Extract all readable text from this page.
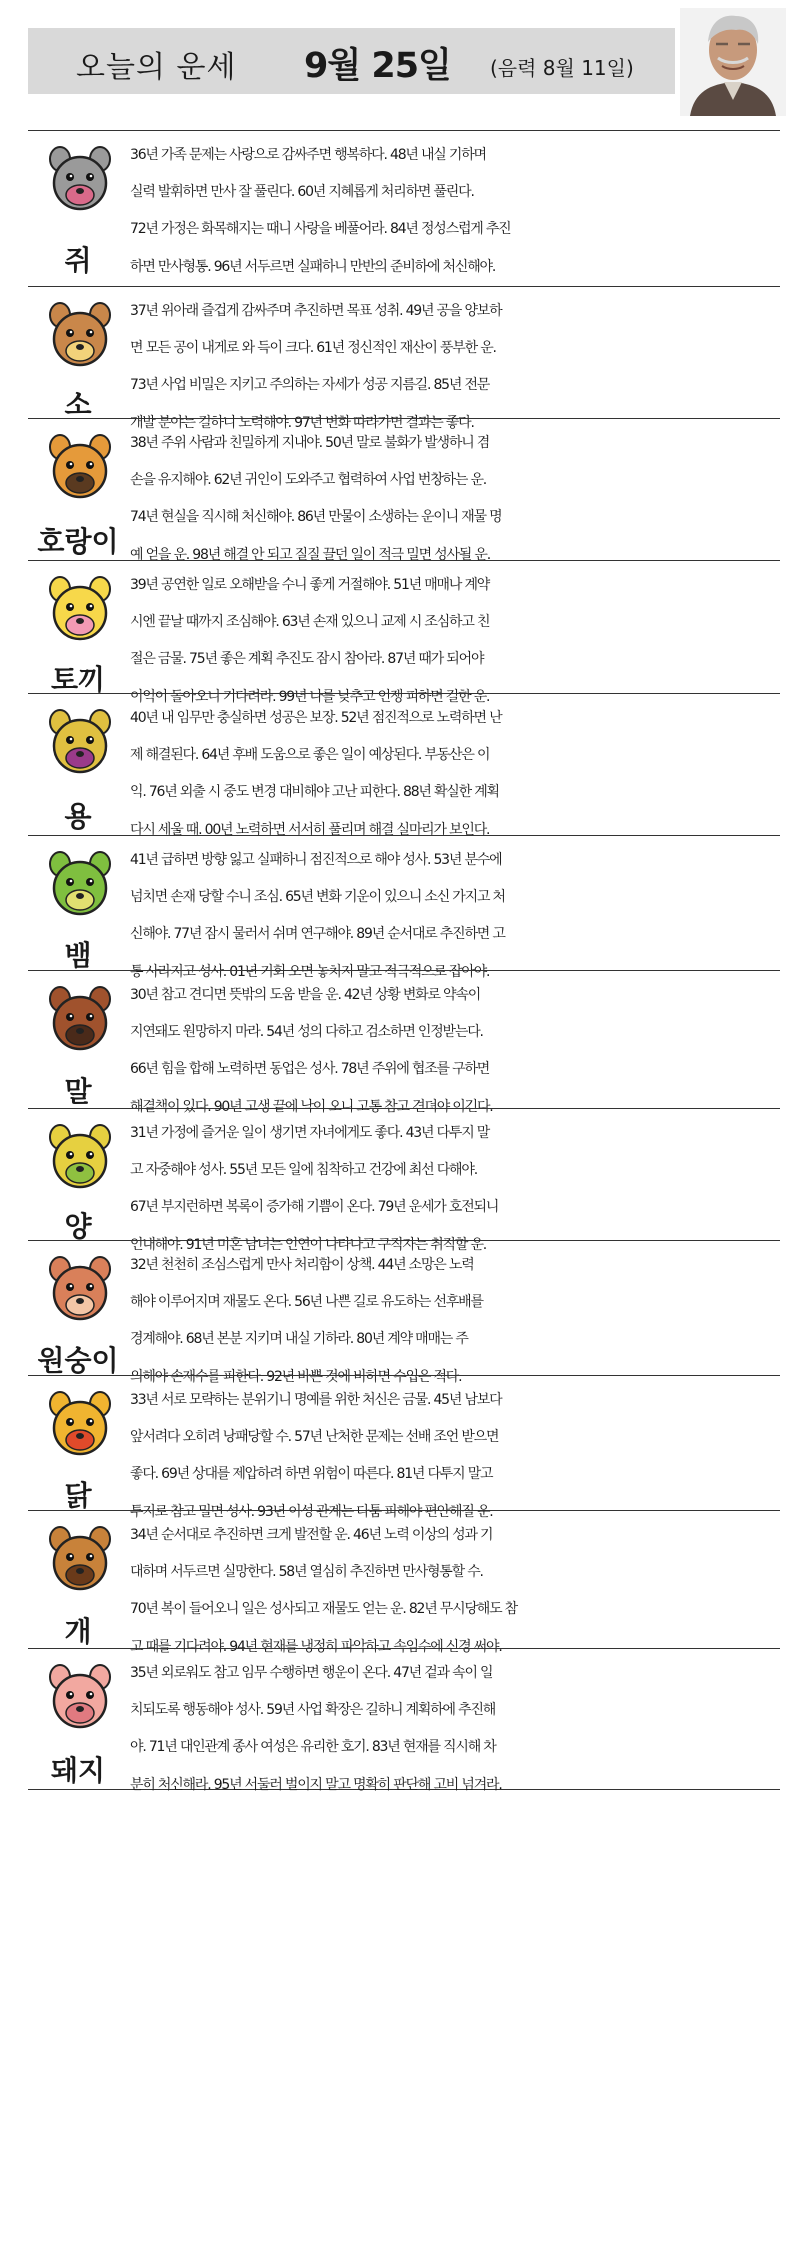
오늘의 운세 9월 25일 (음력 8월 11일)
쥐
36년 가족 문제는 사랑으로 감싸주면 행복하다. 48년 내실 기하며
실력 발휘하면 만사 잘 풀린다. 60년 지혜롭게 처리하면 풀린다.
72년 가정은 화목해지는 때니 사랑을 베풀어라. 84년 정성스럽게 추진
하면 만사형통. 96년 서두르면 실패하니 만반의 준비하에 처신해야.
소
37년 위아래 즐겁게 감싸주며 추진하면 목표 성취. 49년 공을 양보하
면 모든 공이 내게로 와 득이 크다. 61년 정신적인 재산이 풍부한 운.
73년 사업 비밀은 지키고 주의하는 자세가 성공 지름길. 85년 전문
개발 분야는 길하니 노력해야. 97년 변화 따라가면 결과는 좋다.
호랑이
38년 주위 사람과 친밀하게 지내야. 50년 말로 불화가 발생하니 겸
손을 유지해야. 62년 귀인이 도와주고 협력하여 사업 번창하는 운.
74년 현실을 직시해 처신해야. 86년 만물이 소생하는 운이니 재물 명
예 얻을 운. 98년 해결 안 되고 질질 끌던 일이 적극 밀면 성사될 운.
토끼
39년 공연한 일로 오해받을 수니 좋게 거절해야. 51년 매매나 계약
시엔 끝날 때까지 조심해야. 63년 손재 있으니 교제 시 조심하고 친
절은 금물. 75년 좋은 계획 추진도 잠시 참아라. 87년 때가 되어야
이익이 돌아오니 기다려라. 99년 나를 낮추고 언쟁 피하면 길한 운.
용
40년 내 임무만 충실하면 성공은 보장. 52년 점진적으로 노력하면 난
제 해결된다. 64년 후배 도움으로 좋은 일이 예상된다. 부동산은 이
익. 76년 외출 시 중도 변경 대비해야 고난 피한다. 88년 확실한 계획
다시 세울 때. 00년 노력하면 서서히 풀리며 해결 실마리가 보인다.
뱀
41년 급하면 방향 잃고 실패하니 점진적으로 해야 성사. 53년 분수에
넘치면 손재 당할 수니 조심. 65년 변화 기운이 있으니 소신 가지고 처
신해야. 77년 잠시 물러서 쉬며 연구해야. 89년 순서대로 추진하면 고
통 사라지고 성사. 01년 기회 오면 놓치지 말고 적극적으로 잡아야.
말
30년 참고 견디면 뜻밖의 도움 받을 운. 42년 상황 변화로 약속이
지연돼도 원망하지 마라. 54년 성의 다하고 검소하면 인정받는다.
66년 힘을 합해 노력하면 동업은 성사. 78년 주위에 협조를 구하면
해결책이 있다. 90년 고생 끝에 낙이 오니 고통 참고 견뎌야 이긴다.
양
31년 가정에 즐거운 일이 생기면 자녀에게도 좋다. 43년 다투지 말
고 자중해야 성사. 55년 모든 일에 침착하고 건강에 최선 다해야.
67년 부지런하면 복록이 증가해 기쁨이 온다. 79년 운세가 호전되니
인내해야. 91년 미혼 남녀는 인연이 나타나고 구직자는 취직할 운.
원숭이
32년 천천히 조심스럽게 만사 처리함이 상책. 44년 소망은 노력
해야 이루어지며 재물도 온다. 56년 나쁜 길로 유도하는 선후배를
경계해야. 68년 본분 지키며 내실 기하라. 80년 계약 매매는 주
의해야 손재수를 피한다. 92년 바쁜 것에 비하면 수입은 적다.
닭
33년 서로 모략하는 분위기니 명예를 위한 처신은 금물. 45년 남보다
앞서려다 오히려 낭패당할 수. 57년 난처한 문제는 선배 조언 받으면
좋다. 69년 상대를 제압하려 하면 위험이 따른다. 81년 다투지 말고
투지로 참고 밀면 성사. 93년 이성 관계는 다툼 피해야 편안해질 운.
개
34년 순서대로 추진하면 크게 발전할 운. 46년 노력 이상의 성과 기
대하며 서두르면 실망한다. 58년 열심히 추진하면 만사형통할 수.
70년 복이 들어오니 일은 성사되고 재물도 얻는 운. 82년 무시당해도 참
고 때를 기다려야. 94년 현재를 냉정히 파악하고 속임수에 신경 써야.
돼지
35년 외로워도 참고 임무 수행하면 행운이 온다. 47년 겉과 속이 일
치되도록 행동해야 성사. 59년 사업 확장은 길하니 계획하에 추진해
야. 71년 대인관계 종사 여성은 유리한 호기. 83년 현재를 직시해 차
분히 처신해라. 95년 서둘러 벌이지 말고 명확히 판단해 고비 넘겨라.
